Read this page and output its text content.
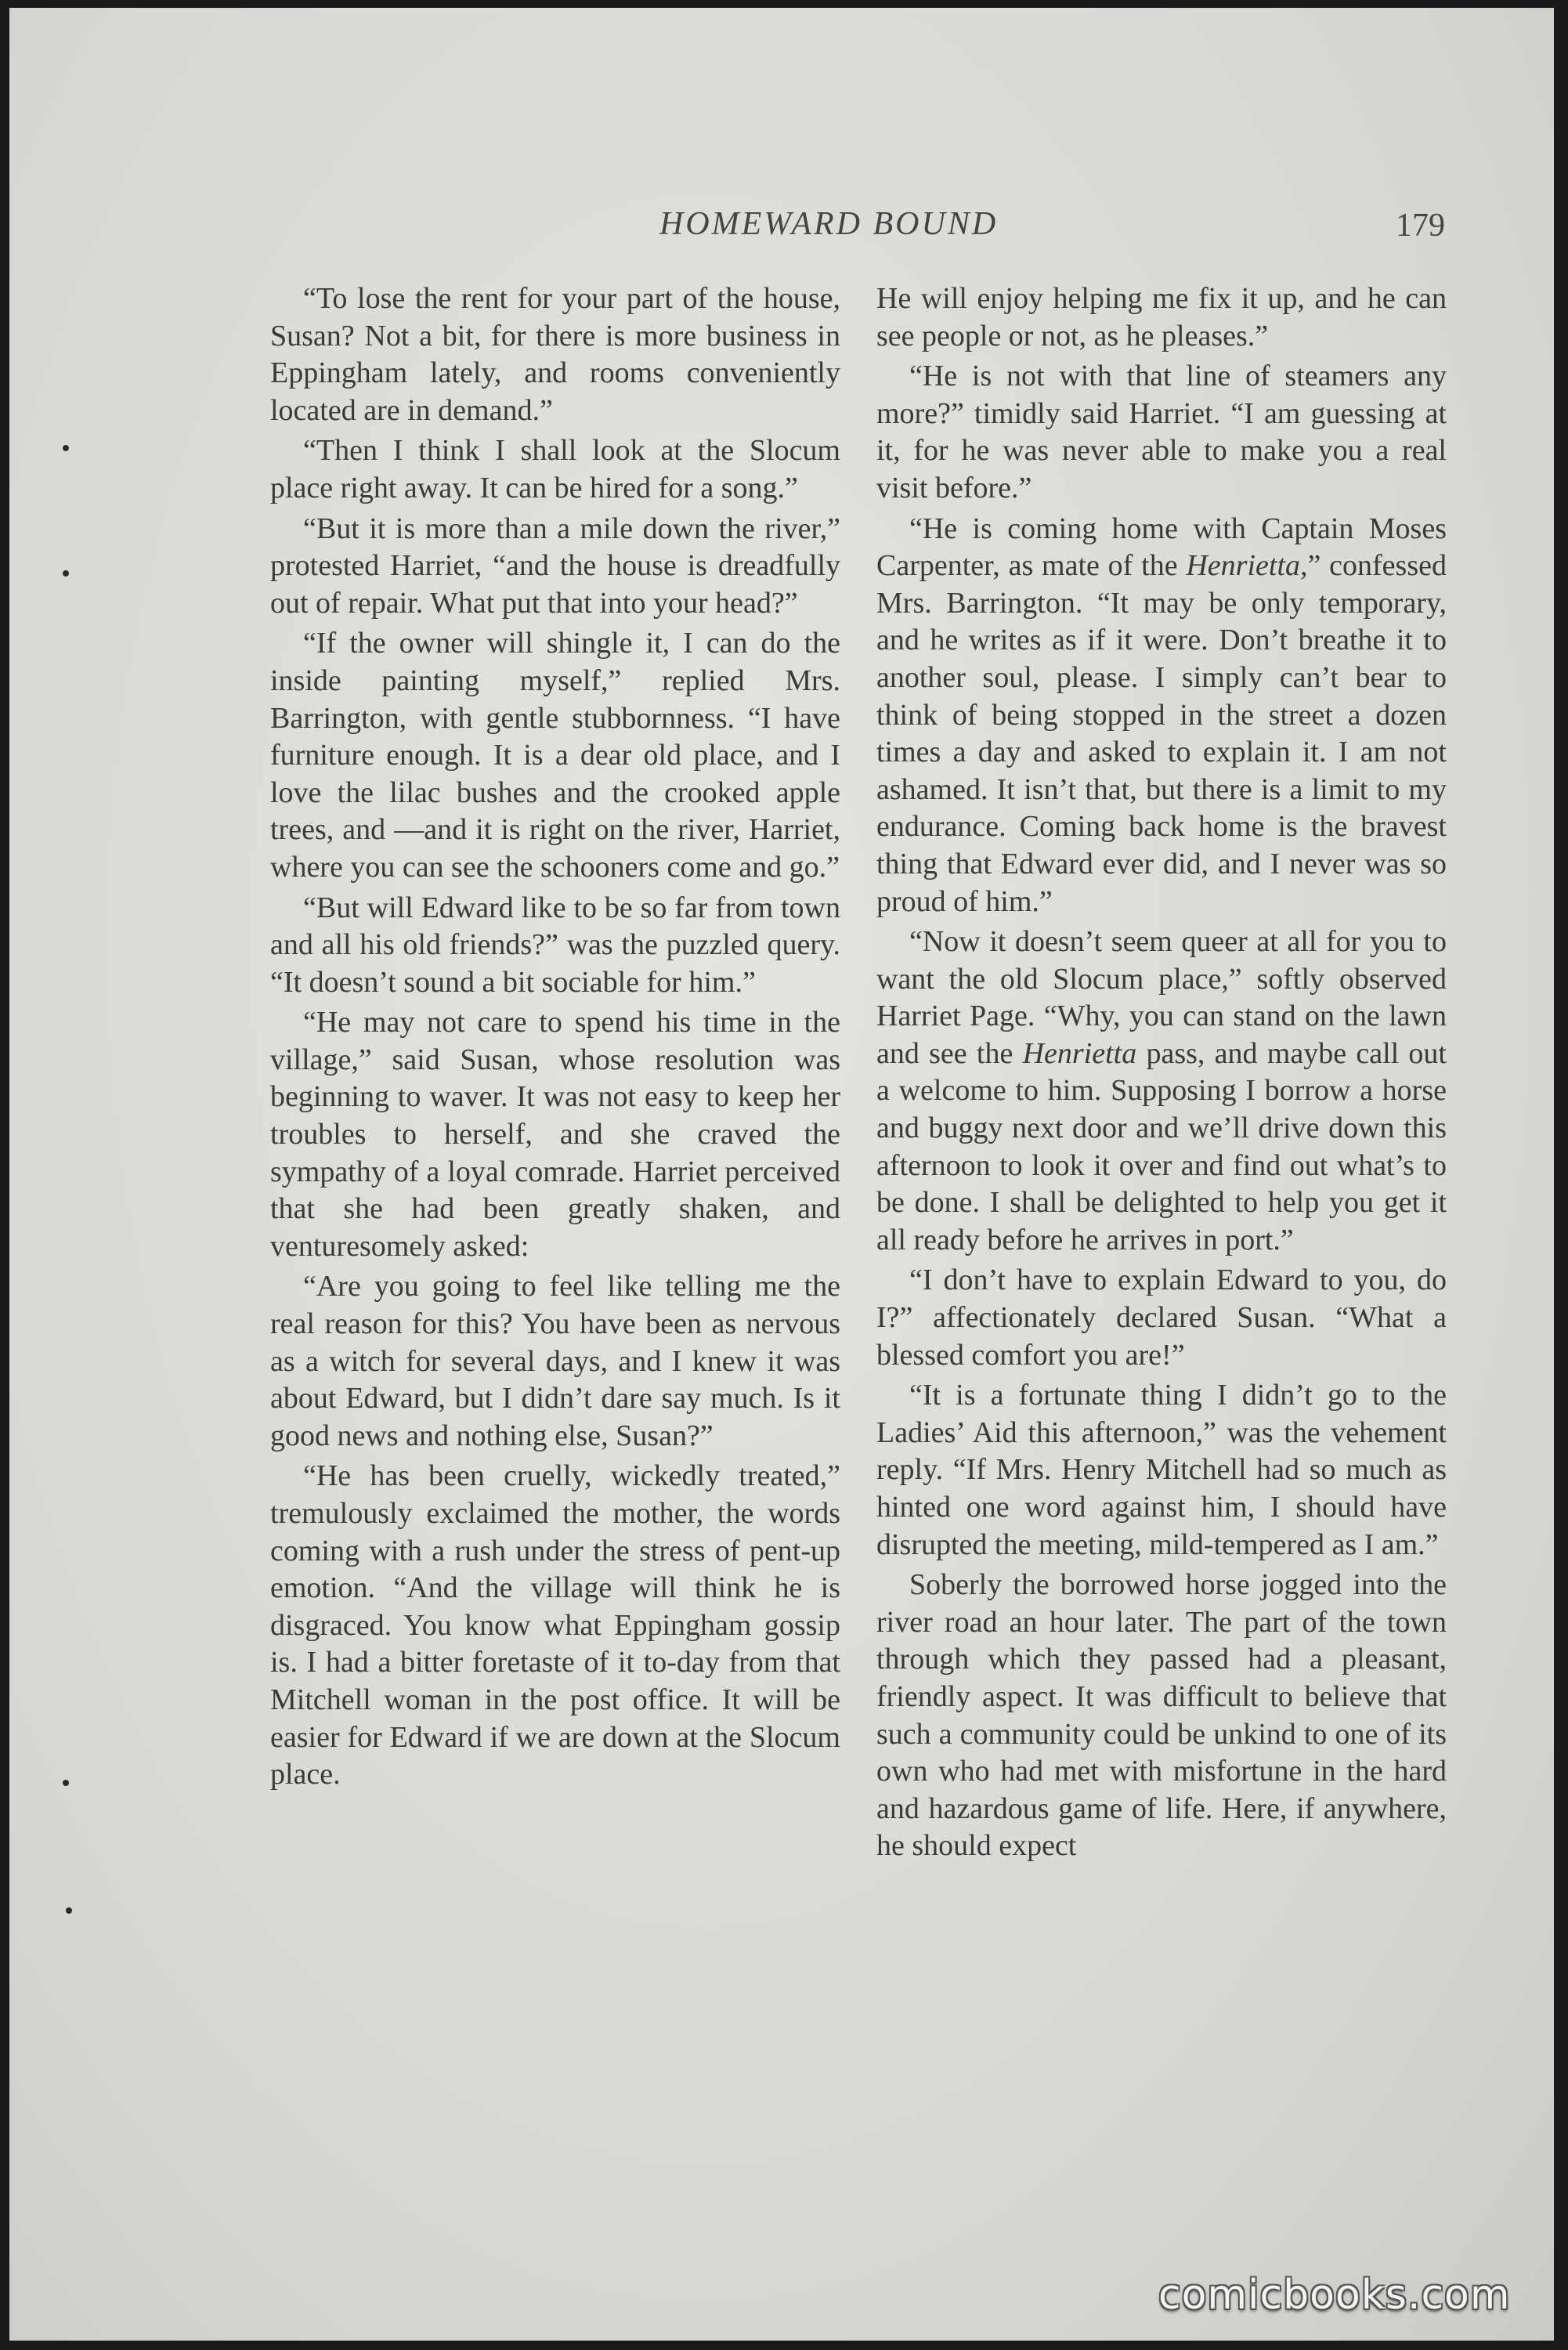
HOMEWARD BOUND	179

“To lose the rent for your part of the house, Susan? Not a bit, for there is more business in Eppingham lately, and rooms conveniently located are in demand.”

“Then I think I shall look at the Slocum place right away. It can be hired for a song.”

“But it is more than a mile down the river,” protested Harriet, “and the house is dreadfully out of repair. What put that into your head?”

“If the owner will shingle it, I can do the inside painting myself,” replied Mrs. Barrington, with gentle stubbornness. “I have furniture enough. It is a dear old place, and I love the lilac bushes and the crooked apple trees, and —and it is right on the river, Harriet, where you can see the schooners come and go.”

“But will Edward like to be so far from town and all his old friends?” was the puzzled query. “It doesn’t sound a bit sociable for him.”

“He may not care to spend his time in the village,” said Susan, whose resolution was beginning to waver. It was not easy to keep her troubles to herself, and she craved the sympathy of a loyal comrade. Harriet perceived that she had been greatly shaken, and venturesomely asked:

“Are you going to feel like telling me the real reason for this? You have been as nervous as a witch for several days, and I knew it was about Edward, but I didn’t dare say much. Is it good news and nothing else, Susan?”

“He has been cruelly, wickedly treated,” tremulously exclaimed the mother, the words coming with a rush under the stress of pent-up emotion. “And the village will think he is disgraced. You know what Eppingham gossip is. I had a bitter foretaste of it to-day from that Mitchell woman in the post office. It will be easier for Edward if we are down at the Slocum place.

He will enjoy helping me fix it up, and he can see people or not, as he pleases.”

“He is not with that line of steamers any more?” timidly said Harriet. “I am guessing at it, for he was never able to make you a real visit before.”

“He is coming home with Captain Moses Carpenter, as mate of the Henrietta,” confessed Mrs. Barrington. “It may be only temporary, and he writes as if it were. Don’t breathe it to another soul, please. I simply can’t bear to think of being stopped in the street a dozen times a day and asked to explain it. I am not ashamed. It isn’t that, but there is a limit to my endurance. Coming back home is the bravest thing that Edward ever did, and I never was so proud of him.”

“Now it doesn’t seem queer at all for you to want the old Slocum place,” softly observed Harriet Page. “Why, you can stand on the lawn and see the Henrietta pass, and maybe call out a welcome to him. Supposing I borrow a horse and buggy next door and we’ll drive down this afternoon to look it over and find out what’s to be done. I shall be delighted to help you get it all ready before he arrives in port.”

“I don’t have to explain Edward to you, do I?” affectionately declared Susan. “What a blessed comfort you are!”

“It is a fortunate thing I didn’t go to the Ladies’ Aid this afternoon,” was the vehement reply. “If Mrs. Henry Mitchell had so much as hinted one word against him, I should have disrupted the meeting, mild-tempered as I am.”

Soberly the borrowed horse jogged into the river road an hour later. The part of the town through which they passed had a pleasant, friendly aspect. It was difficult to believe that such a community could be unkind to one of its own who had met with misfortune in the hard and hazardous game of life. Here, if anywhere, he should expect

comicbooks.com
